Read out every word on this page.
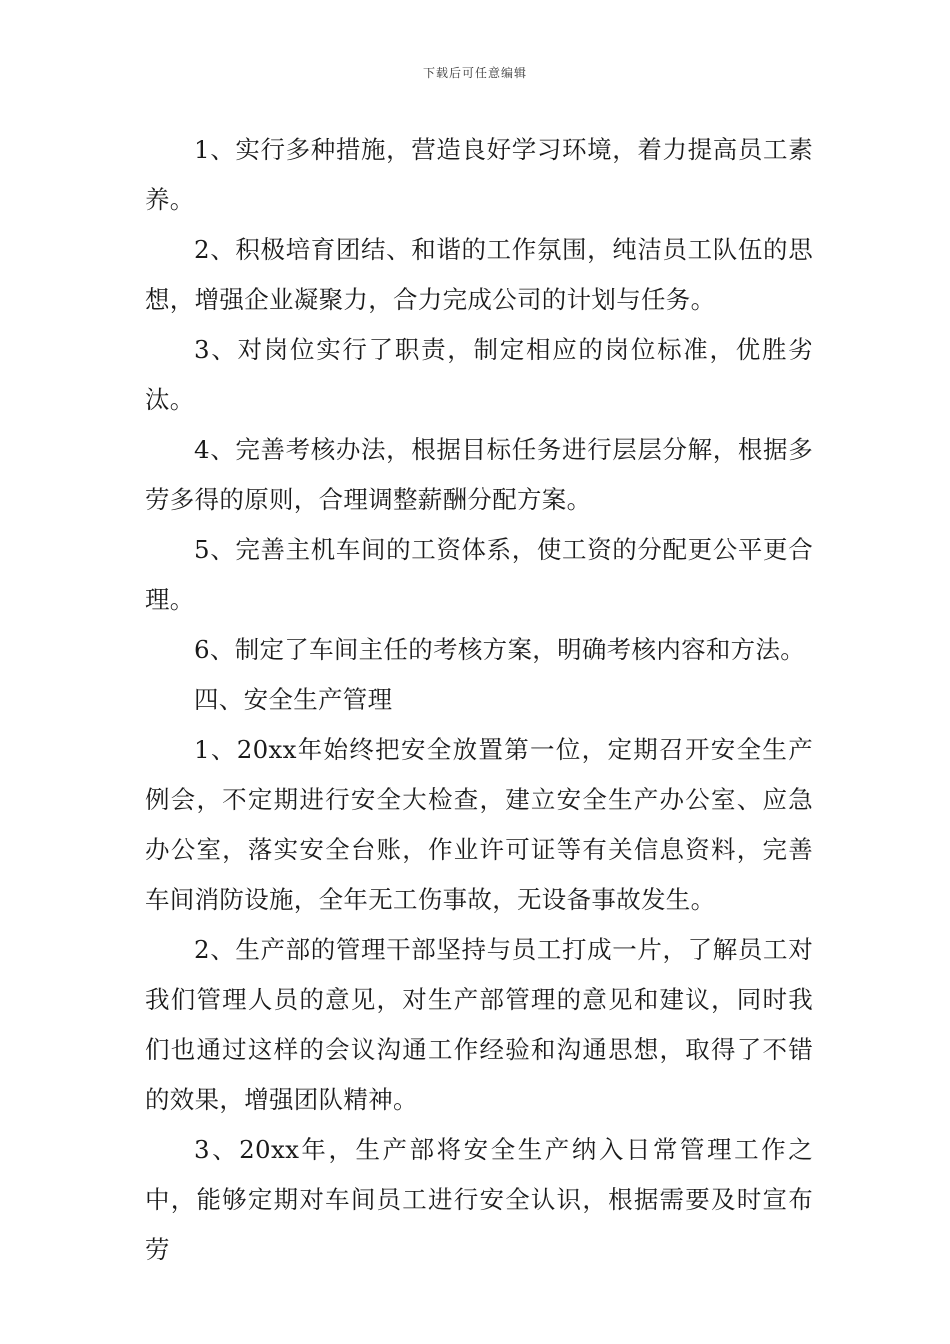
下载后可任意编辑

1、实行多种措施，营造良好学习环境，着力提高员工素养。

2、积极培育团结、和谐的工作氛围，纯洁员工队伍的思想，增强企业凝聚力，合力完成公司的计划与任务。

3、对岗位实行了职责，制定相应的岗位标准，优胜劣汰。

4、完善考核办法，根据目标任务进行层层分解，根据多劳多得的原则，合理调整薪酬分配方案。

5、完善主机车间的工资体系，使工资的分配更公平更合理。

6、制定了车间主任的考核方案，明确考核内容和方法。

四、安全生产管理

1、20xx年始终把安全放置第一位，定期召开安全生产例会，不定期进行安全大检查，建立安全生产办公室、应急办公室，落实安全台账，作业许可证等有关信息资料，完善车间消防设施，全年无工伤事故，无设备事故发生。

2、生产部的管理干部坚持与员工打成一片，了解员工对我们管理人员的意见，对生产部管理的意见和建议，同时我们也通过这样的会议沟通工作经验和沟通思想，取得了不错的效果，增强团队精神。

3、20xx年，生产部将安全生产纳入日常管理工作之中，能够定期对车间员工进行安全认识，根据需要及时宣布劳
